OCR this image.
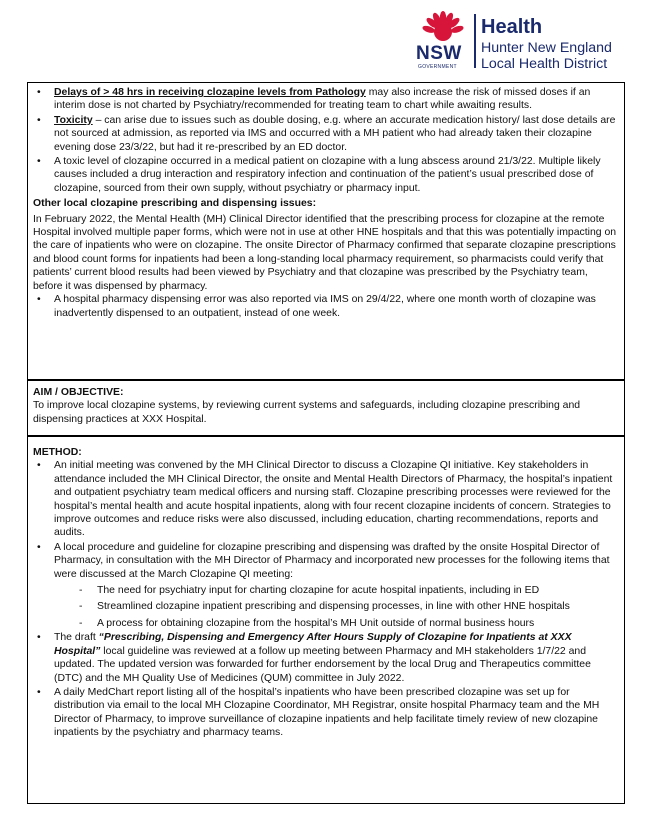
NSW
GOVERNMENT
Health
Hunter New England
Local Health District
• Delays of > 48 hrs in receiving clozapine levels from Pathology may also increase the risk of missed doses if an interim dose is not charted by Psychiatry/recommended for treating team to chart while awaiting results.
• Toxicity – can arise due to issues such as double dosing, e.g. where an accurate medication history/ last dose details are not sourced at admission, as reported via IMS and occurred with a MH patient who had already taken their clozapine evening dose 23/3/22, but had it re-prescribed by an ED doctor.
• A toxic level of clozapine occurred in a medical patient on clozapine with a lung abscess around 21/3/22. Multiple likely causes included a drug interaction and respiratory infection and continuation of the patient’s usual prescribed dose of clozapine, sourced from their own supply, without psychiatry or pharmacy input.

Other local clozapine prescribing and dispensing issues:

In February 2022, the Mental Health (MH) Clinical Director identified that the prescribing process for clozapine at the remote Hospital involved multiple paper forms, which were not in use at other HNE hospitals and that this was potentially impacting on the care of inpatients who were on clozapine. The onsite Director of Pharmacy confirmed that separate clozapine prescriptions and blood count forms for inpatients had been a long-standing local pharmacy requirement, so pharmacists could verify that patients’ current blood results had been viewed by Psychiatry and that clozapine was prescribed by the Psychiatry team, before it was dispensed by pharmacy.

• A hospital pharmacy dispensing error was also reported via IMS on 29/4/22, where one month worth of clozapine was inadvertently dispensed to an outpatient, instead of one week.

AIM / OBJECTIVE:

To improve local clozapine systems, by reviewing current systems and safeguards, including clozapine prescribing and dispensing practices at XXX Hospital.

METHOD:

• An initial meeting was convened by the MH Clinical Director to discuss a Clozapine QI initiative. Key stakeholders in attendance included the MH Clinical Director, the onsite and Mental Health Directors of Pharmacy, the hospital’s inpatient and outpatient psychiatry team medical officers and nursing staff. Clozapine prescribing processes were reviewed for the hospital’s mental health and acute hospital inpatients, along with four recent clozapine incidents of concern. Strategies to improve outcomes and reduce risks were also discussed, including education, charting recommendations, reports and audits.
• A local procedure and guideline for clozapine prescribing and dispensing was drafted by the onsite Hospital Director of Pharmacy, in consultation with the MH Director of Pharmacy and incorporated new processes for the following items that were discussed at the March Clozapine QI meeting:
- The need for psychiatry input for charting clozapine for acute hospital inpatients, including in ED
- Streamlined clozapine inpatient prescribing and dispensing processes, in line with other HNE hospitals
- A process for obtaining clozapine from the hospital’s MH Unit outside of normal business hours
• The draft “Prescribing, Dispensing and Emergency After Hours Supply of Clozapine for Inpatients at XXX Hospital” local guideline was reviewed at a follow up meeting between Pharmacy and MH stakeholders 1/7/22 and updated. The updated version was forwarded for further endorsement by the local Drug and Therapeutics committee (DTC) and the MH Quality Use of Medicines (QUM) committee in July 2022.
• A daily MedChart report listing all of the hospital’s inpatients who have been prescribed clozapine was set up for distribution via email to the local MH Clozapine Coordinator, MH Registrar, onsite hospital Pharmacy team and the MH Director of Pharmacy, to improve surveillance of clozapine inpatients and help facilitate timely review of new clozapine inpatients by the psychiatry and pharmacy teams.
